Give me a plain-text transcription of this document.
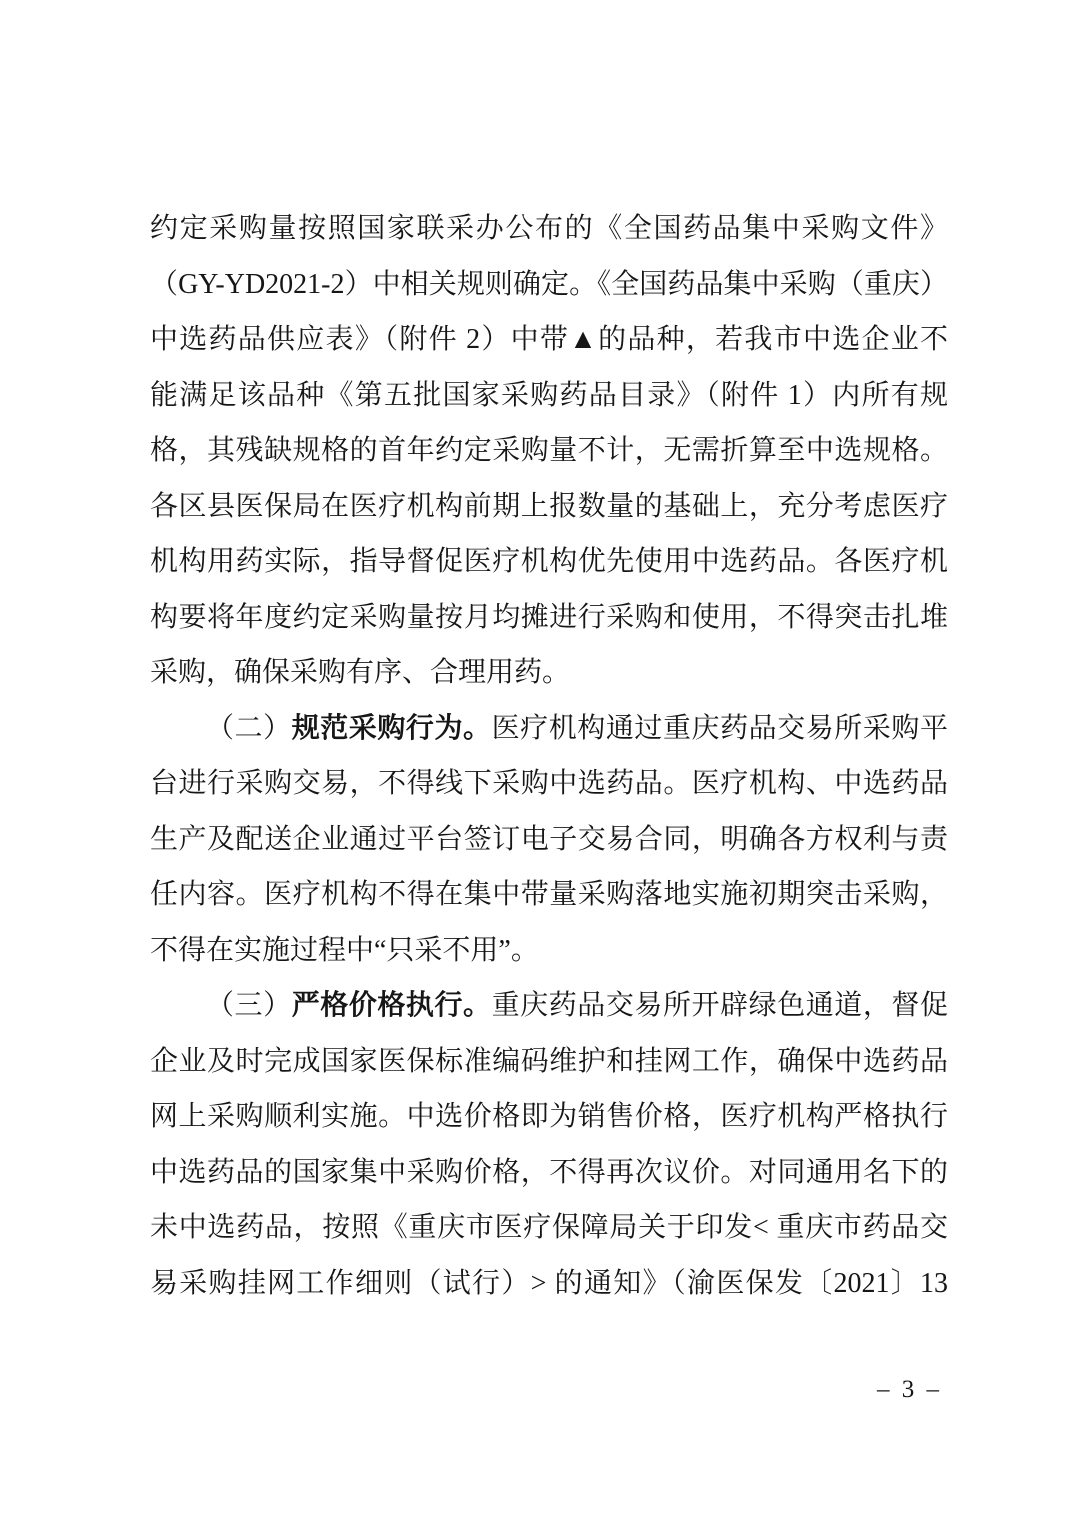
约定采购量按照国家联采办公布的《全国药品集中采购文件》
（GY-YD2021-2）中相关规则确定。《全国药品集中采购（重庆）
中选药品供应表》（附件 2）中带▲的品种，若我市中选企业不
能满足该品种《第五批国家采购药品目录》（附件 1）内所有规
格，其残缺规格的首年约定采购量不计，无需折算至中选规格。
各区县医保局在医疗机构前期上报数量的基础上，充分考虑医疗
机构用药实际，指导督促医疗机构优先使用中选药品。各医疗机
构要将年度约定采购量按月均摊进行采购和使用，不得突击扎堆
采购，确保采购有序、合理用药。
（二）规范采购行为。医疗机构通过重庆药品交易所采购平
台进行采购交易，不得线下采购中选药品。医疗机构、中选药品
生产及配送企业通过平台签订电子交易合同，明确各方权利与责
任内容。医疗机构不得在集中带量采购落地实施初期突击采购，
不得在实施过程中“只采不用”。
（三）严格价格执行。重庆药品交易所开辟绿色通道，督促
企业及时完成国家医保标准编码维护和挂网工作，确保中选药品
网上采购顺利实施。中选价格即为销售价格，医疗机构严格执行
中选药品的国家集中采购价格，不得再次议价。对同通用名下的
未中选药品，按照《重庆市医疗保障局关于印发< 重庆市药品交
易采购挂网工作细则（试行）> 的通知》（渝医保发〔2021〕13
– 3 –
